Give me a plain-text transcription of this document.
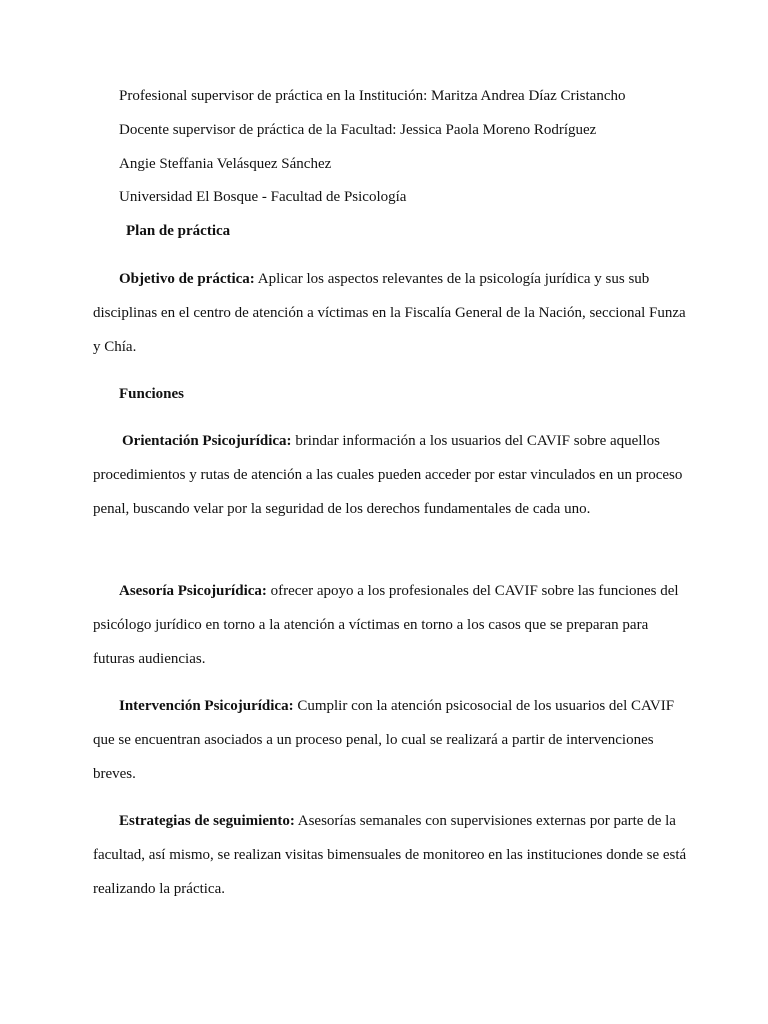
Profesional supervisor de práctica en la Institución: Maritza Andrea Díaz Cristancho
Docente supervisor de práctica de la Facultad: Jessica Paola Moreno Rodríguez
Angie Steffania Velásquez Sánchez
Universidad El Bosque - Facultad de Psicología
Plan de práctica

Objetivo de práctica: Aplicar los aspectos relevantes de la psicología jurídica y sus sub disciplinas en el centro de atención a víctimas en la Fiscalía General de la Nación, seccional Funza y Chía.

Funciones

Orientación Psicojurídica: brindar información a los usuarios del CAVIF sobre aquellos procedimientos y rutas de atención a las cuales pueden acceder por estar vinculados en un proceso penal, buscando velar por la seguridad de los derechos fundamentales de cada uno.

Asesoría Psicojurídica: ofrecer apoyo a los profesionales del CAVIF sobre las funciones del psicólogo jurídico en torno a la atención a víctimas en torno a los casos que se preparan para futuras audiencias.

Intervención Psicojurídica: Cumplir con la atención psicosocial de los usuarios del CAVIF que se encuentran asociados a un proceso penal, lo cual se realizará a partir de intervenciones breves.

Estrategias de seguimiento: Asesorías semanales con supervisiones externas por parte de la facultad, así mismo, se realizan visitas bimensuales de monitoreo en las instituciones donde se está realizando la práctica.
